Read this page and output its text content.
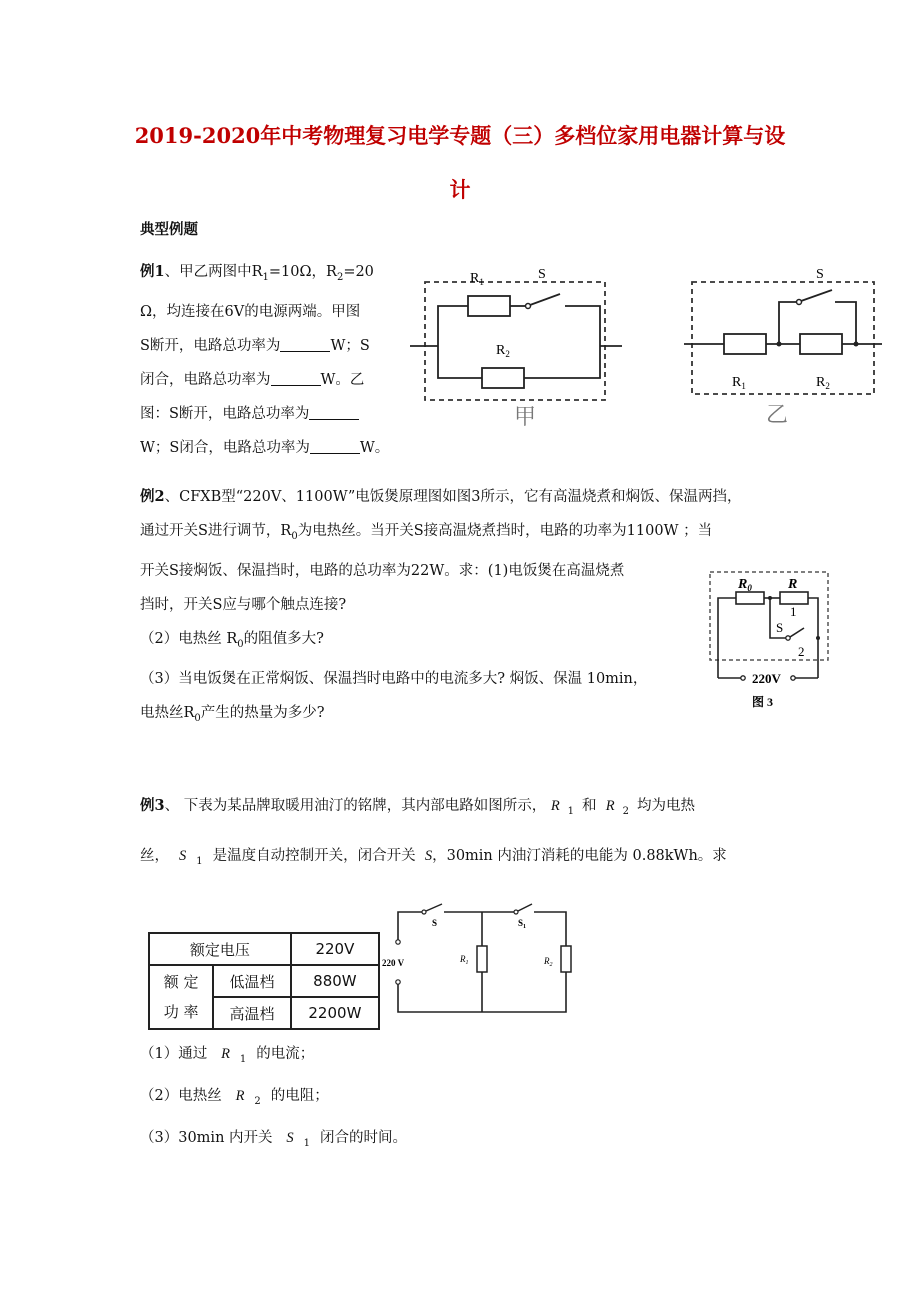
2019-2020年中考物理复习电学专题（三）多档位家用电器计算与设
计
典型例题
例1、甲乙两图中$R_1=10\Omega$，$R_2=20$
Ω，均连接在6V的电源两端。甲图
S断开，电路总功率为	W；S
闭合，电路总功率为	W。乙
图：S断开，电路总功率为
W；S闭合，电路总功率为	W。
$R_1$	S
$R_2$
甲
S
$R_1$	$R_2$
乙
例2、CFXB型“220V、1100W”电饭煲原理图如图3所示，它有高温烧煮和焖饭、保温两挡，
通过开关S进行调节，$R_0$为电热丝。当开关S接高温烧煮挡时，电路的功率为1100W ；当
开关S接焖饭、保温挡时，电路的总功率为22W。求：(1)电饭煲在高温烧煮
挡时，开关S应与哪个触点连接?
（2）电热丝 $R_0$的阻值多大?
（3）当电饭煲在正常焖饭、保温挡时电路中的电流多大? 焖饭、保温 10min，
电热丝$R_0$产生的热量为多少?
$R_0$	R
1
S
2
220V
图 3
例3、 下表为某品牌取暖用油汀的铭牌，其内部电路如图所示， R $_1$ 和 R $_2$ 均为电热
丝， S $_1$ 是温度自动控制开关，闭合开关 S，30min 内油汀消耗的电能为 0.88kWh。求
额定电压		220V

额 定
功 率	低温档	880W
	高温档	2200W
S	$S_1$
220 V	$R_1$	$R_2$
（1）通过 R $_1$ 的电流；
（2）电热丝 R $_2$ 的电阻；
（3）30min 内开关 S $_1$ 闭合的时间。
